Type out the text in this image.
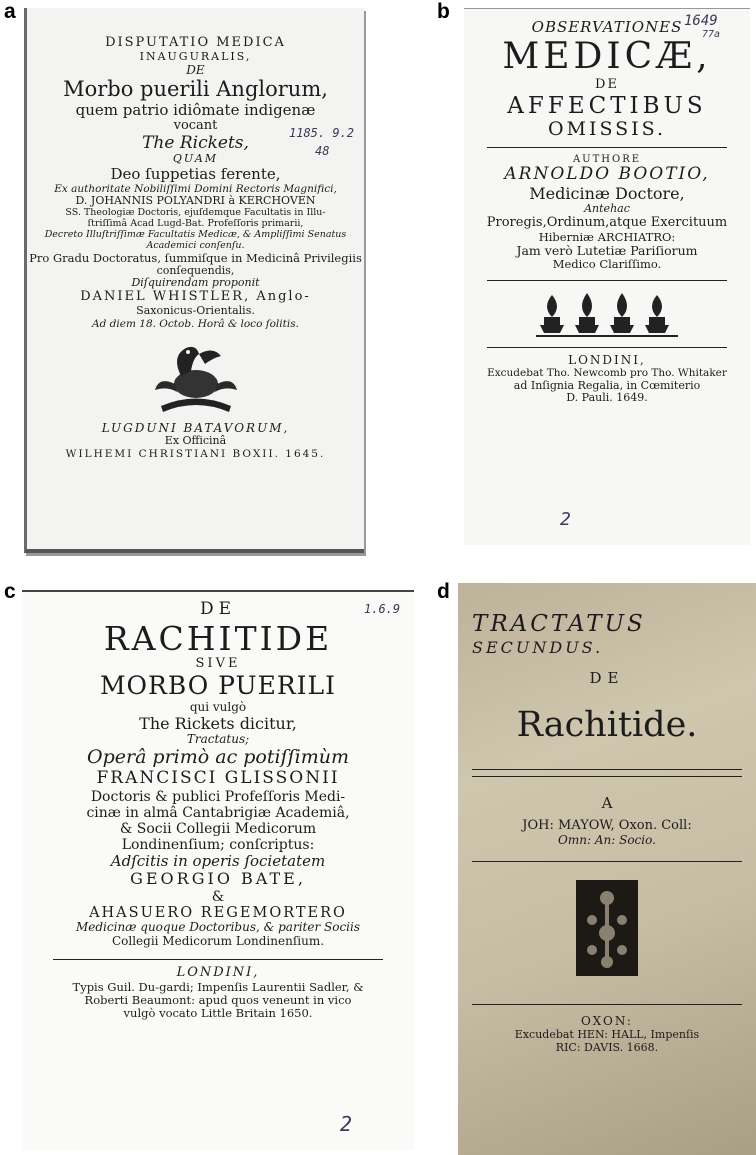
a	b
c	d
DISPUTATIO MEDICA
INAUGURALIS,
DE
Morbo puerili Anglorum,
quem patrio idiômate indigenæ
vocant
The Rickets,
QUAM
Deo ſuppetias ferente,
Ex authoritate Nobiliſſimi Domini Rectoris Magnifici,
D. JOHANNIS POLYANDRI à KERCHOVEN
SS. Theologiæ Doctoris, ejuſdemque Facultatis in Illu-
ſtriſſimâ Acad Lugd-Bat. Profeſſoris primarii,
Decreto Illuſtriſſimæ Facultatis Medicæ, & Ampliſſimi Senatus
Academici conſenſu.
Pro Gradu Doctoratus, ſummiſque in Medicinâ Privilegiis
conſequendis,
Diſquirendam proponit
DANIEL WHISTLER, Anglo-
Saxonicus-Orientalis.
Ad diem 18. Octob. Horâ & loco ſolitis.
LUGDUNI BATAVORUM,
Ex Officinâ
WILHEMI CHRISTIANI BOXII. 1645.
1185. 9.2
48
OBSERVATIONES
MEDICÆ,
DE
AFFECTIBUS
OMISSIS.
AUTHORE
ARNOLDO BOOTIO,
Medicinæ Doctore,
Antehac
Proregis,Ordinum,atque Exercituum
Hiberniæ ARCHIATRO:
Jam verò Lutetiæ Pariſiorum
Medico Clariſſimo.
LONDINI,
Excudebat Tho. Newcomb pro Tho. Whitaker
ad Inſignia Regalia, in Cœmiterio
D. Pauli. 1649.
1649
77a
2
DE
RACHITIDE
SIVE
MORBO PUERILI
qui vulgò
The Rickets dicitur,
Tractatus;
Operâ primò ac potiſſimùm
FRANCISCI GLISSONII
Doctoris & publici Profeſſoris Medi-
cinæ in almâ Cantabrigiæ Academiâ,
& Socii Collegii Medicorum
Londinenſium; conſcriptus:
Adſcitis in operis ſocietatem
GEORGIO BATE,
&
AHASUERO REGEMORTERO
Medicinæ quoque Doctoribus, & pariter Sociis
Collegii Medicorum Londinenſium.
LONDINI,
Typis Guil. Du-gardi; Impenſis Laurentii Sadler, &
Roberti Beaumont: apud quos veneunt in vico
vulgò vocato Little Britain 1650.
1.6.9
2
TRACTATUS
SECUNDUS.
DE
Rachitide.
A
JOH: MAYOW, Oxon. Coll:
Omn: An: Socio.
OXON:
Excudebat HEN: HALL, Impenſis
RIC: DAVIS. 1668.
